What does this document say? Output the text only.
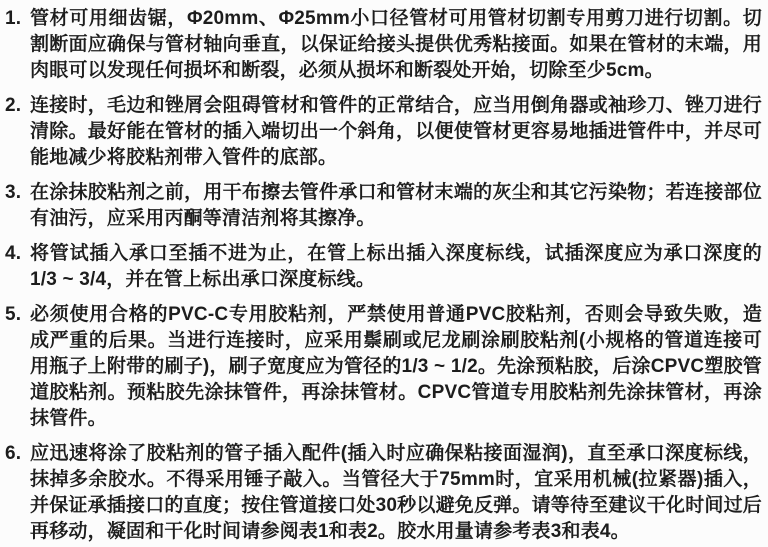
1. 管材可用细齿锯，Φ20mm、Φ25mm小口径管材可用管材切割专用剪刀进行切割。切割断面应确保与管材轴向垂直，以保证给接头提供优秀粘接面。如果在管材的末端，用肉眼可以发现任何损坏和断裂，必须从损坏和断裂处开始，切除至少5cm。
2. 连接时，毛边和锉屑会阻碍管材和管件的正常结合，应当用倒角器或袖珍刀、锉刀进行清除。最好能在管材的插入端切出一个斜角，以便使管材更容易地插进管件中，并尽可能地减少将胶粘剂带入管件的底部。
3. 在涂抹胶粘剂之前，用干布擦去管件承口和管材末端的灰尘和其它污染物；若连接部位有油污，应采用丙酮等清洁剂将其擦净。
4. 将管试插入承口至插不进为止，在管上标出插入深度标线，试插深度应为承口深度的1/3 ~ 3/4，并在管上标出承口深度标线。
5. 必须使用合格的PVC-C专用胶粘剂，严禁使用普通PVC胶粘剂，否则会导致失败，造成严重的后果。当进行连接时，应采用鬃刷或尼龙刷涂刷胶粘剂(小规格的管道连接可用瓶子上附带的刷子)，刷子宽度应为管径的1/3 ~ 1/2。先涂预粘胶，后涂CPVC塑胶管道胶粘剂。预粘胶先涂抹管件，再涂抹管材。CPVC管道专用胶粘剂先涂抹管材，再涂抹管件。
6. 应迅速将涂了胶粘剂的管子插入配件(插入时应确保粘接面湿润)，直至承口深度标线，抹掉多余胶水。不得采用锤子敲入。当管径大于75mm时，宜采用机械(拉紧器)插入，并保证承插接口的直度；按住管道接口处30秒以避免反弹。请等待至建议干化时间过后再移动，凝固和干化时间请参阅表1和表2。胶水用量请参考表3和表4。
